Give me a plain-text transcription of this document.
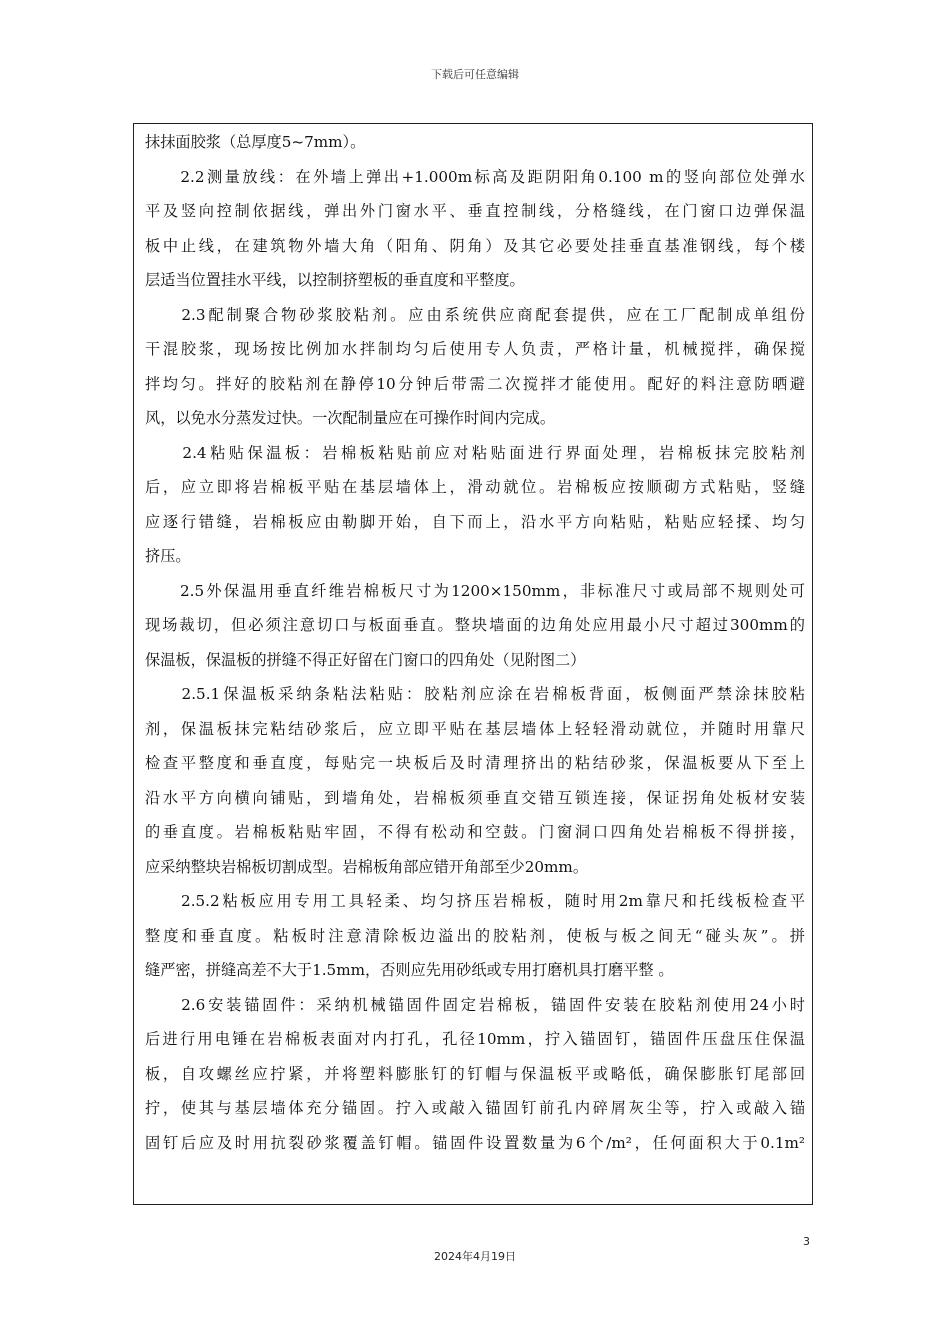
下载后可任意编辑

抹抹面胶浆（总厚度5~7mm）。

　　2.2测量放线：在外墙上弹出+1.000m标高及距阴阳角0.100 m的竖向部位处弹水

平及竖向控制依据线，弹出外门窗水平、垂直控制线，分格缝线，在门窗口边弹保温

板中止线，在建筑物外墙大角（阳角、阴角）及其它必要处挂垂直基准钢线，每个楼

层适当位置挂水平线，以控制挤塑板的垂直度和平整度。

　　2.3配制聚合物砂浆胶粘剂。应由系统供应商配套提供，应在工厂配制成单组份

干混胶浆，现场按比例加水拌制均匀后使用专人负责，严格计量，机械搅拌，确保搅

拌均匀。拌好的胶粘剂在静停10分钟后带需二次搅拌才能使用。配好的料注意防晒避

风，以免水分蒸发过快。一次配制量应在可操作时间内完成。

　　2.4粘贴保温板：岩棉板粘贴前应对粘贴面进行界面处理，岩棉板抹完胶粘剂

后，应立即将岩棉板平贴在基层墙体上，滑动就位。岩棉板应按顺砌方式粘贴，竖缝

应逐行错缝，岩棉板应由勒脚开始，自下而上，沿水平方向粘贴，粘贴应轻揉、均匀

挤压。

　　2.5外保温用垂直纤维岩棉板尺寸为1200×150mm，非标准尺寸或局部不规则处可

现场裁切，但必须注意切口与板面垂直。整块墙面的边角处应用最小尺寸超过300mm的

保温板，保温板的拼缝不得正好留在门窗口的四角处（见附图二）

　　2.5.1保温板采纳条粘法粘贴：胶粘剂应涂在岩棉板背面，板侧面严禁涂抹胶粘

剂，保温板抹完粘结砂浆后，应立即平贴在基层墙体上轻轻滑动就位，并随时用靠尺

检查平整度和垂直度，每贴完一块板后及时清理挤出的粘结砂浆，保温板要从下至上

沿水平方向横向铺贴，到墙角处，岩棉板须垂直交错互锁连接，保证拐角处板材安装

的垂直度。岩棉板粘贴牢固，不得有松动和空鼓。门窗洞口四角处岩棉板不得拼接，

应采纳整块岩棉板切割成型。岩棉板角部应错开角部至少20mm。

　　2.5.2粘板应用专用工具轻柔、均匀挤压岩棉板，随时用2m靠尺和托线板检查平

整度和垂直度。粘板时注意清除板边溢出的胶粘剂，使板与板之间无“碰头灰”。拼

缝严密，拼缝高差不大于1.5mm，否则应先用砂纸或专用打磨机具打磨平整 。

　　2.6安装锚固件：采纳机械锚固件固定岩棉板，锚固件安装在胶粘剂使用24小时

后进行用电锤在岩棉板表面对内打孔，孔径10mm，拧入锚固钉，锚固件压盘压住保温

板，自攻螺丝应拧紧，并将塑料膨胀钉的钉帽与保温板平或略低，确保膨胀钉尾部回

拧，使其与基层墙体充分锚固。拧入或敲入锚固钉前孔内碎屑灰尘等，拧入或敲入锚

固钉后应及时用抗裂砂浆覆盖钉帽。锚固件设置数量为6个/m²，任何面积大于0.1m²

3
2024年4月19日
